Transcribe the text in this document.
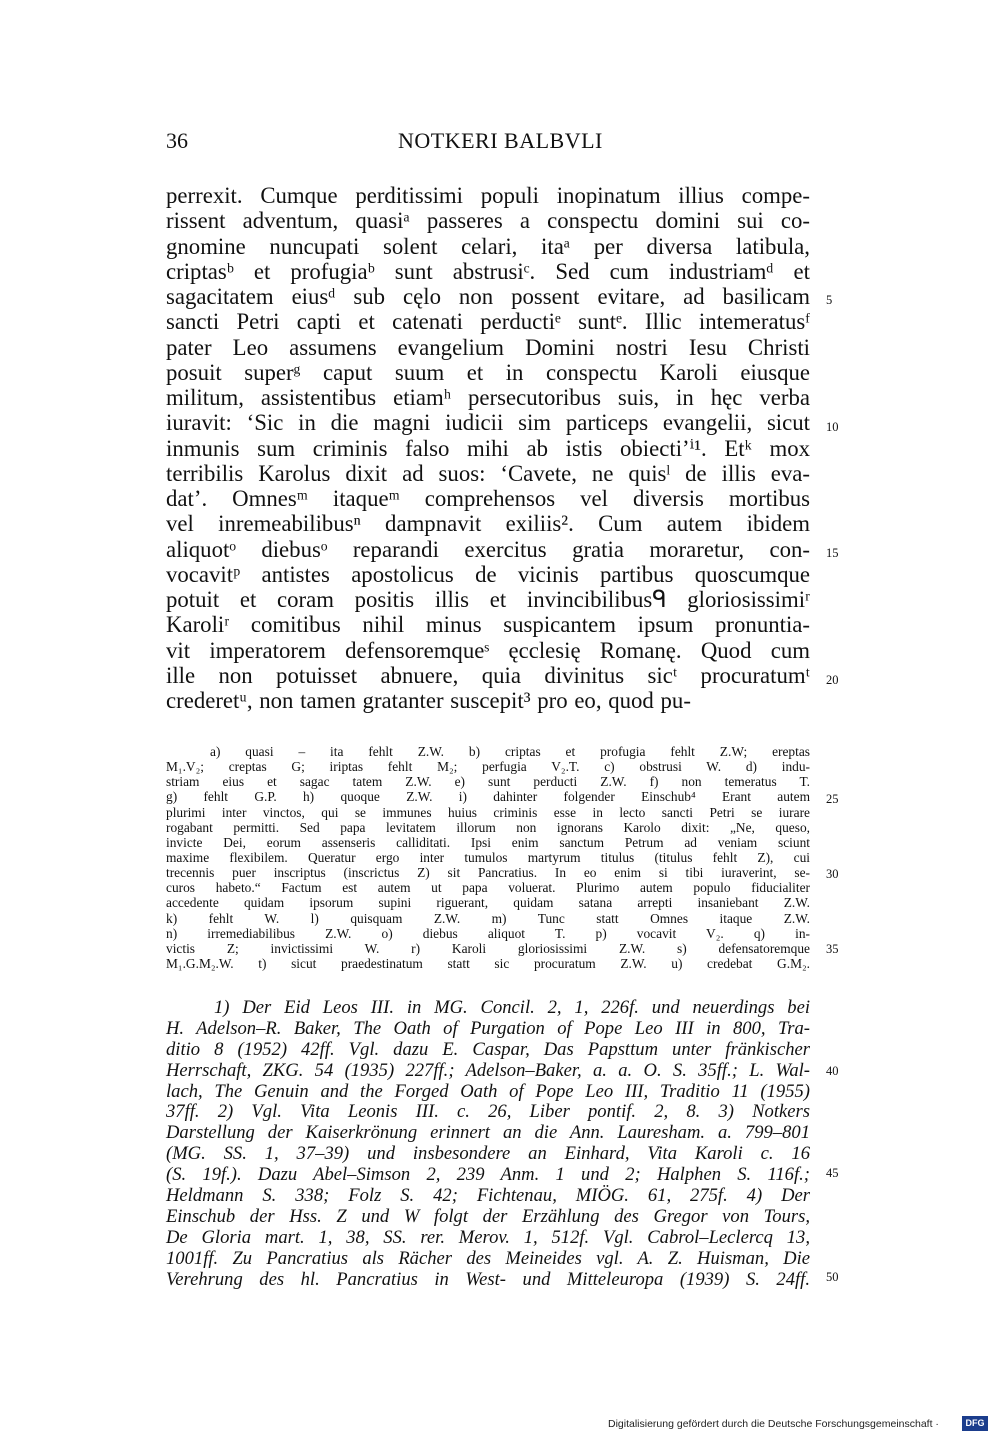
36	NOTKERI BALBVLI
perrexit. Cumque perditissimi populi inopinatum illius compe-
rissent adventum, quasiᵃ passeres a conspectu domini sui co-
gnomine nuncupati solent celari, itaᵃ per diversa latibula,
criptasᵇ et profugiaᵇ sunt abstrusiᶜ. Sed cum industriamᵈ et
sagacitatem eiusᵈ sub cęlo non possent evitare, ad basilicam
sancti Petri capti et catenati perductiᵉ suntᵉ. Illic intemeratusᶠ
pater Leo assumens evangelium Domini nostri Iesu Christi
posuit superᵍ caput suum et in conspectu Karoli eiusque
militum, assistentibus etiamʰ persecutoribus suis, in hęc verba
iuravit: ‘Sic in die magni iudicii sim particeps evangelii, sicut
inmunis sum criminis falso mihi ab istis obiecti’ⁱ¹. Etᵏ mox
terribilis Karolus dixit ad suos: ‘Cavete, ne quisˡ de illis eva-
dat’. Omnesᵐ itaqueᵐ comprehensos vel diversis mortibus
vel inremeabilibusⁿ dampnavit exiliis². Cum autem ibidem
aliquotᵒ diebusᵒ reparandi exercitus gratia moraretur, con-
vocavitᵖ antistes apostolicus de vicinis partibus quoscumque
potuit et coram positis illis et invincibilibusᑫ gloriosissimiʳ
Karoliʳ comitibus nihil minus suspicantem ipsum pronuntia-
vit imperatorem defensoremqueˢ ęcclesię Romanę. Quod cum
ille non potuisset abnuere, quia divinitus sicᵗ procuratumᵗ
crederetᵘ, non tamen gratanter suscepit³ pro eo, quod pu-
a) quasi – ita fehlt Z.W. b) criptas et profugia fehlt Z.W; ereptas
M₁.V₂; creptas G; iriptas fehlt M₂; perfugia V₂.T. c) obstrusi W. d) indu-
striam eius et sagac tatem Z.W. e) sunt perducti Z.W. f) non temeratus T.
g) fehlt G.P. h) quoque Z.W. i) dahinter folgender Einschub⁴ Erant autem
plurimi inter vinctos, qui se immunes huius criminis esse in lecto sancti Petri se iurare
rogabant permitti. Sed papa levitatem illorum non ignorans Karolo dixit: „Ne, queso,
invicte Dei, eorum assenseris calliditati. Ipsi enim sanctum Petrum ad veniam sciunt
maxime flexibilem. Queratur ergo inter tumulos martyrum titulus (titulus fehlt Z), cui
trecennis puer inscriptus (inscrictus Z) sit Pancratius. In eo enim si tibi iuraverint, se-
curos habeto.“ Factum est autem ut papa voluerat. Plurimo autem populo fiducialiter
accedente quidam ipsorum supini riguerant, quidam satana arrepti insaniebant Z.W.
k) fehlt W. l) quisquam Z.W. m) Tunc statt Omnes itaque Z.W.
n) irremediabilibus Z.W. o) diebus aliquot T. p) vocavit V₂. q) in-
victis Z; invictissimi W. r) Karoli gloriosissimi Z.W. s) defensatoremque
M₁.G.M₂.W. t) sicut praedestinatum statt sic procuratum Z.W. u) credebat G.M₂.
1) Der Eid Leos III. in MG. Concil. 2, 1, 226f. und neuerdings bei
H. Adelson–R. Baker, The Oath of Purgation of Pope Leo III in 800, Tra-
ditio 8 (1952) 42ff. Vgl. dazu E. Caspar, Das Papsttum unter fränkischer
Herrschaft, ZKG. 54 (1935) 227ff.; Adelson–Baker, a. a. O. S. 35ff.; L. Wal-
lach, The Genuin and the Forged Oath of Pope Leo III, Traditio 11 (1955)
37ff. 2) Vgl. Vita Leonis III. c. 26, Liber pontif. 2, 8. 3) Notkers
Darstellung der Kaiserkrönung erinnert an die Ann. Lauresham. a. 799–801
(MG. SS. 1, 37–39) und insbesondere an Einhard, Vita Karoli c. 16
(S. 19f.). Dazu Abel–Simson 2, 239 Anm. 1 und 2; Halphen S. 116f.;
Heldmann S. 338; Folz S. 42; Fichtenau, MIÖG. 61, 275f. 4) Der
Einschub der Hss. Z und W folgt der Erzählung des Gregor von Tours,
De Gloria mart. 1, 38, SS. rer. Merov. 1, 512f. Vgl. Cabrol–Leclercq 13,
1001ff. Zu Pancratius als Rächer des Meineides vgl. A. Z. Huisman, Die
Verehrung des hl. Pancratius in West- und Mitteleuropa (1939) S. 24ff.
5
10
15
20
25
30
35
40
45
50
Digitalisierung gefördert durch die Deutsche Forschungsgemeinschaft ·	DFG
